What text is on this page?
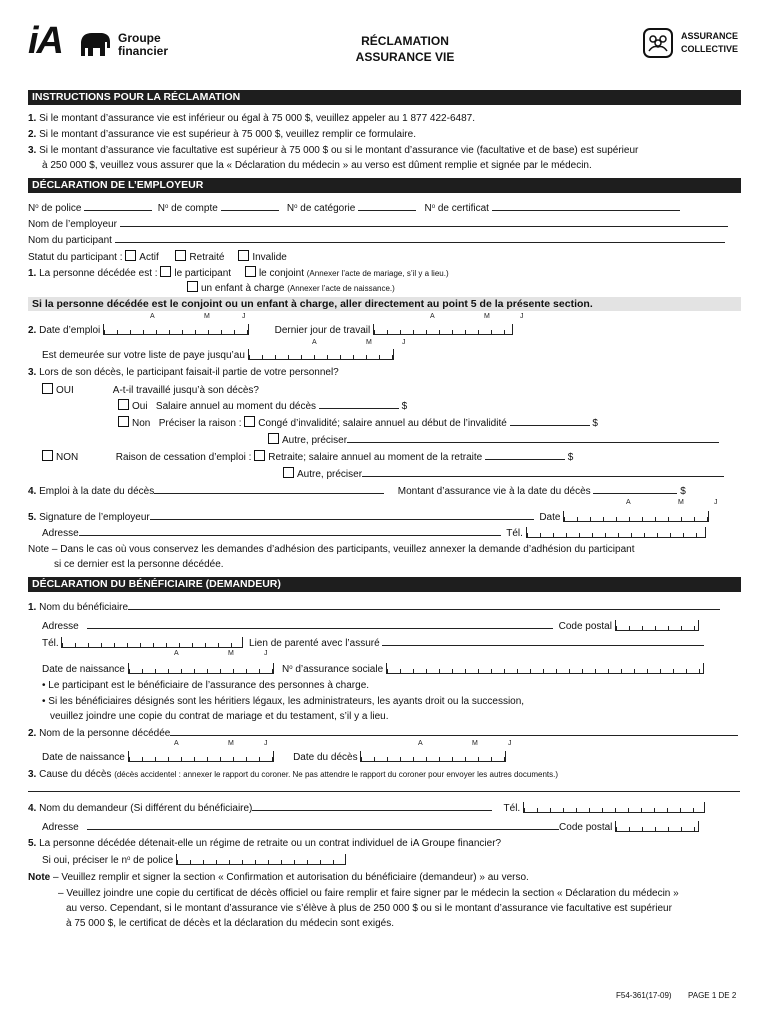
iA	Groupe
financier
RÉCLAMATION
ASSURANCE VIE
ASSURANCE
COLLECTIVE
INSTRUCTIONS POUR LA RÉCLAMATION
1. Si le montant d’assurance vie est inférieur ou égal à 75 000 $, veuillez appeler au 1 877 422-6487.
2. Si le montant d’assurance vie est supérieur à 75 000 $, veuillez remplir ce formulaire.
3. Si le montant d’assurance vie facultative est supérieur à 75 000 $ ou si le montant d’assurance vie (facultative et de base) est supérieur
à 250 000 $, veuillez vous assurer que la « Déclaration du médecin » au verso est dûment remplie et signée par le médecin.
DÉCLARATION DE L’EMPLOYEUR
$N^o$ de police	$N^o$ de compte	$N^o$ de catégorie	$N^o$ de certificat
Nom de l’employeur
Nom du participant
Statut du participant : Actif	Retraité	Invalide
1. La personne décédée est : le participant	le conjoint (Annexer l’acte de mariage, s’il y a lieu.)
un enfant à charge (Annexer l’acte de naissance.)
Si la personne décédée est le conjoint ou un enfant à charge, aller directement au point 5 de la présente section.
A	M	J	A	M	J
2. Date d’emploi	Dernier jour de travail
A	M	J
Est demeurée sur votre liste de paye jusqu’au
3. Lors de son décès, le participant faisait-il partie de votre personnel?
OUI	A-t-il travaillé jusqu’à son décès?
Oui Salaire annuel au moment du décès	$
Non Préciser la raison : Congé d’invalidité; salaire annuel au début de l’invalidité	$
Autre, préciser
NON	Raison de cessation d’emploi : Retraite; salaire annuel au moment de la retraite	$
Autre, préciser
4. Emploi à la date du décès	Montant d’assurance vie à la date du décès	$
A	M	J
5. Signature de l’employeur	Date
Adresse	Tél.
Note – Dans le cas où vous conservez les demandes d’adhésion des participants, veuillez annexer la demande d’adhésion du participant
si ce dernier est la personne décédée.
DÉCLARATION DU BÉNÉFICIAIRE (DEMANDEUR)
1. Nom du bénéficiaire
Adresse	Code postal
Tél.	Lien de parenté avec l’assuré
A	M	J
Date de naissance	$N^o$ d’assurance sociale
• Le participant est le bénéficiaire de l’assurance des personnes à charge.
• Si les bénéficiaires désignés sont les héritiers légaux, les administrateurs, les ayants droit ou la succession,
veuillez joindre une copie du contrat de mariage et du testament, s’il y a lieu.
2. Nom de la personne décédée
A	M	J	A	M	J
Date de naissance	Date du décès
3. Cause du décès (décès accidentel : annexer le rapport du coroner. Ne pas attendre le rapport du coroner pour envoyer les autres documents.)
4. Nom du demandeur (Si différent du bénéficiaire)	Tél.
Adresse	Code postal
5. La personne décédée détenait-elle un régime de retraite ou un contrat individuel de iA Groupe financier?
Si oui, préciser le $n^o$ de police
Note – Veuillez remplir et signer la section « Confirmation et autorisation du bénéficiaire (demandeur) » au verso.
– Veuillez joindre une copie du certificat de décès officiel ou faire remplir et faire signer par le médecin la section « Déclaration du médecin »
au verso. Cependant, si le montant d’assurance vie s’élève à plus de 250 000 $ ou si le montant d’assurance vie facultative est supérieur
à 75 000 $, le certificat de décès et la déclaration du médecin sont exigés.
F54-361(17-09) PAGE 1 DE 2
